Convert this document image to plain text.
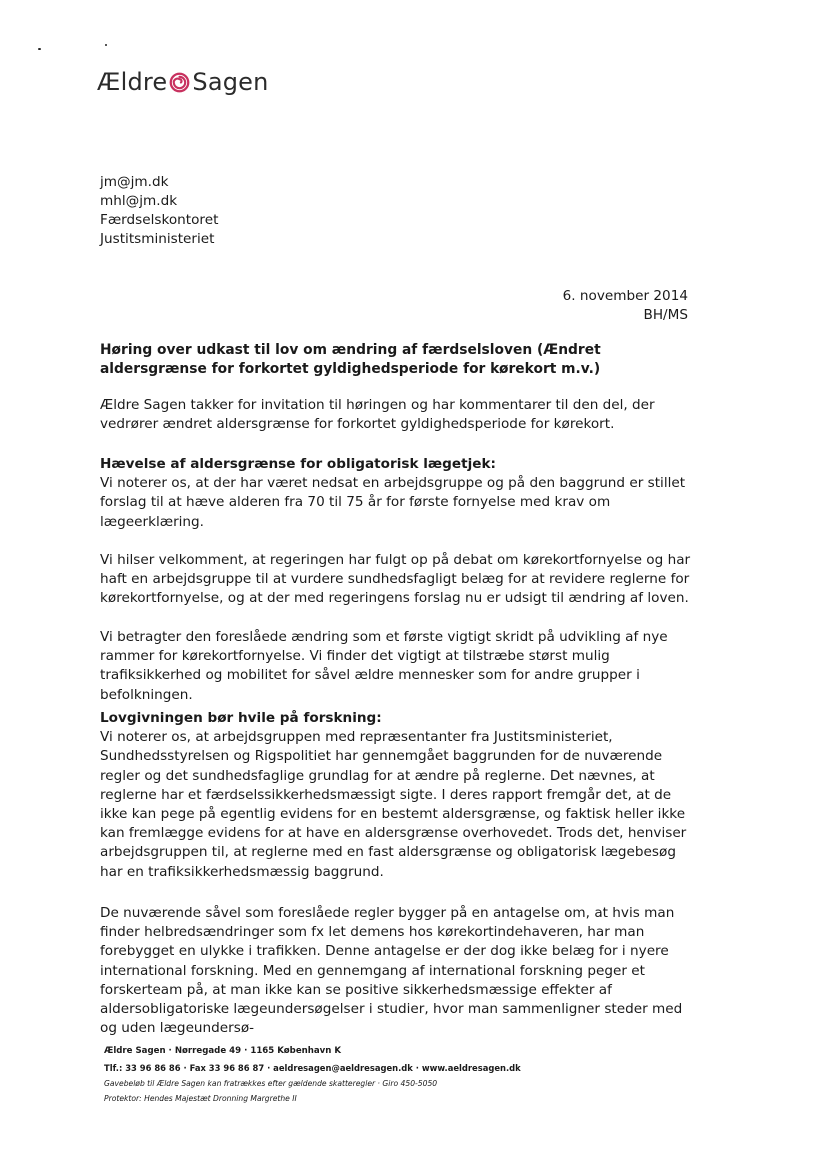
Ældre Sagen
jm@jm.dk
mhl@jm.dk
Færdselskontoret
Justitsministeriet
6. november 2014
BH/MS
Høring over udkast til lov om ændring af færdselsloven (Ændret aldersgrænse for forkortet gyldighedsperiode for kørekort m.v.)
Ældre Sagen takker for invitation til høringen og har kommentarer til den del, der vedrører ændret aldersgrænse for forkortet gyldighedsperiode for kørekort.
Hævelse af aldersgrænse for obligatorisk lægetjek:
Vi noterer os, at der har været nedsat en arbejdsgruppe og på den baggrund er stillet forslag til at hæve alderen fra 70 til 75 år for første fornyelse med krav om lægeerklæring.
Vi hilser velkomment, at regeringen har fulgt op på debat om kørekortfornyelse og har haft en arbejdsgruppe til at vurdere sundhedsfagligt belæg for at revidere reglerne for kørekortfornyelse, og at der med regeringens forslag nu er udsigt til ændring af loven.
Vi betragter den foreslåede ændring som et første vigtigt skridt på udvikling af nye rammer for kørekortfornyelse. Vi finder det vigtigt at tilstræbe størst mulig trafiksikkerhed og mobilitet for såvel ældre mennesker som for andre grupper i befolkningen.
Lovgivningen bør hvile på forskning:
Vi noterer os, at arbejdsgruppen med repræsentanter fra Justitsministeriet, Sundhedsstyrelsen og Rigspolitiet har gennemgået baggrunden for de nuværende regler og det sundhedsfaglige grundlag for at ændre på reglerne. Det nævnes, at reglerne har et færdselssikkerhedsmæssigt sigte. I deres rapport fremgår det, at de ikke kan pege på egentlig evidens for en bestemt aldersgrænse, og faktisk heller ikke kan fremlægge evidens for at have en aldersgrænse overhovedet. Trods det, henviser arbejdsgruppen til, at reglerne med en fast aldersgrænse og obligatorisk lægebesøg har en trafiksikkerhedsmæssig baggrund.
De nuværende såvel som foreslåede regler bygger på en antagelse om, at hvis man finder helbredsændringer som fx let demens hos kørekortindehaveren, har man forebygget en ulykke i trafikken. Denne antagelse er der dog ikke belæg for i nyere international forskning. Med en gennemgang af international forskning peger et forskerteam på, at man ikke kan se positive sikkerhedsmæssige effekter af aldersobligatoriske lægeundersøgelser i studier, hvor man sammenligner steder med og uden lægeundersø-
Ældre Sagen · Nørregade 49 · 1165 København K
Tlf.: 33 96 86 86 · Fax 33 96 86 87 · aeldresagen@aeldresagen.dk · www.aeldresagen.dk
Gavebeløb til Ældre Sagen kan fratrækkes efter gældende skatteregler · Giro 450-5050
Protektor: Hendes Majestæt Dronning Margrethe II
